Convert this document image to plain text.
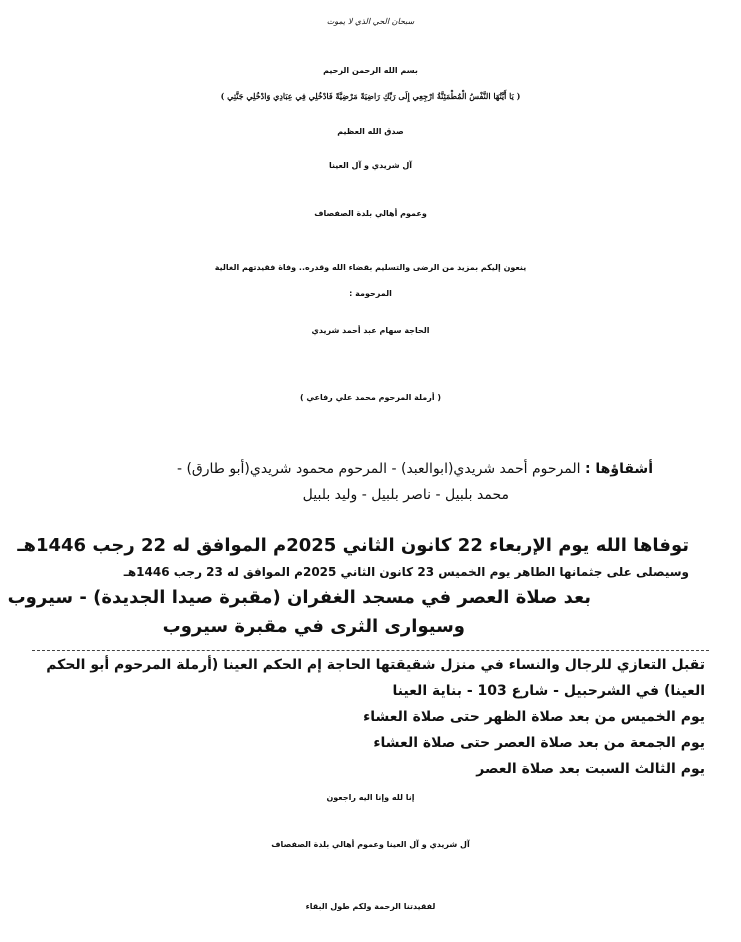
سبحان الحي الذي لا يموت
بسم الله الرحمن الرحيم
( يَا أَيَّتُهَا النَّفْسُ الْمُطْمَئِنَّةُ ارْجِعِي إِلَى رَبِّكِ رَاضِيَةً مَرْضِيَّةً فَادْخُلِي فِي عِبَادِي وَادْخُلِي جَنَّتِي )
صدق الله العظيم
آل شريدي و آل العينا
وعموم أهالي بلدة الصفصاف
ينعون إليكم بمزيد من الرضى والتسليم بقضاء الله وقدره.. وفاة فقيدتهم الغالية
المرحومة :
الحاجة سهام عبد أحمد شريدي
( أرملة المرحوم محمد علي رفاعي )
أشقاؤها : المرحوم أحمد شريدي(ابوالعبد) - المرحوم محمود شريدي(أبو طارق) -
محمد بلبيل - ناصر بلبيل - وليد بلبيل
توفاها الله يوم الإربعاء 22 كانون الثاني 2025م الموافق له 22 رجب 1446هـ
وسيصلى على جثمانها الطاهر يوم الخميس 23 كانون الثاني 2025م الموافق له 23 رجب 1446هـ
بعد صلاة العصر في مسجد الغفران (مقبرة صيدا الجديدة) - سيروب
وسيوارى الثرى في مقبرة سيروب
تقبل التعازي للرجال والنساء في منزل شقيقتها الحاجة إم الحكم العينا (أرملة المرحوم أبو الحكم
العينا) في الشرحبيل - شارع 103 - بناية العينا
يوم الخميس من بعد صلاة الظهر حتى صلاة العشاء
يوم الجمعة من بعد صلاة العصر حتى صلاة العشاء
يوم الثالث السبت بعد صلاة العصر
إنا لله وإنا اليه راجعون
آل شريدي و آل العينا وعموم أهالي بلدة الصفصاف
لفقيدتنا الرحمة ولكم طول البقاء
